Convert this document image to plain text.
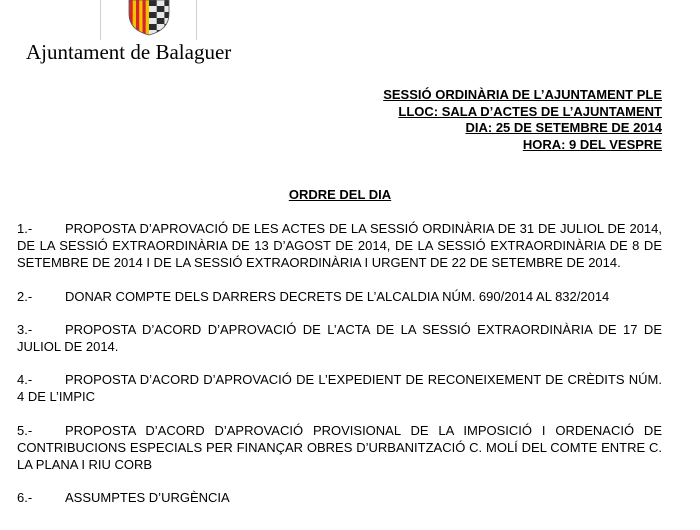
Ajuntament de Balaguer
SESSIÓ ORDINÀRIA DE L’AJUNTAMENT PLE
LLOC: SALA D’ACTES DE L’AJUNTAMENT
DIA: 25 DE SETEMBRE DE 2014
HORA: 9 DEL VESPRE
ORDRE DEL DIA
1.-	PROPOSTA D’APROVACIÓ DE LES ACTES DE LA SESSIÓ ORDINÀRIA DE 31 DE JULIOL DE 2014, DE LA SESSIÓ EXTRAORDINÀRIA DE 13 D’AGOST DE 2014, DE LA SESSIÓ EXTRAORDINÀRIA DE 8 DE SETEMBRE DE 2014 I DE LA SESSIÓ EXTRAORDINÀRIA I URGENT DE 22 DE SETEMBRE DE 2014.
2.-	DONAR COMPTE DELS DARRERS DECRETS DE L’ALCALDIA NÚM. 690/2014 AL 832/2014
3.-	PROPOSTA D’ACORD D’APROVACIÓ DE L’ACTA DE LA SESSIÓ EXTRAORDINÀRIA DE 17 DE JULIOL DE 2014.
4.-	PROPOSTA D’ACORD D’APROVACIÓ DE L’EXPEDIENT DE RECONEIXEMENT DE CRÈDITS NÚM. 4 DE L’IMPIC
5.-	PROPOSTA D’ACORD D’APROVACIÓ PROVISIONAL DE LA IMPOSICIÓ I ORDENACIÓ DE CONTRIBUCIONS ESPECIALS PER FINANÇAR OBRES D’URBANITZACIÓ C. MOLÍ DEL COMTE ENTRE C. LA PLANA I RIU CORB
6.-	ASSUMPTES D’URGÈNCIA
